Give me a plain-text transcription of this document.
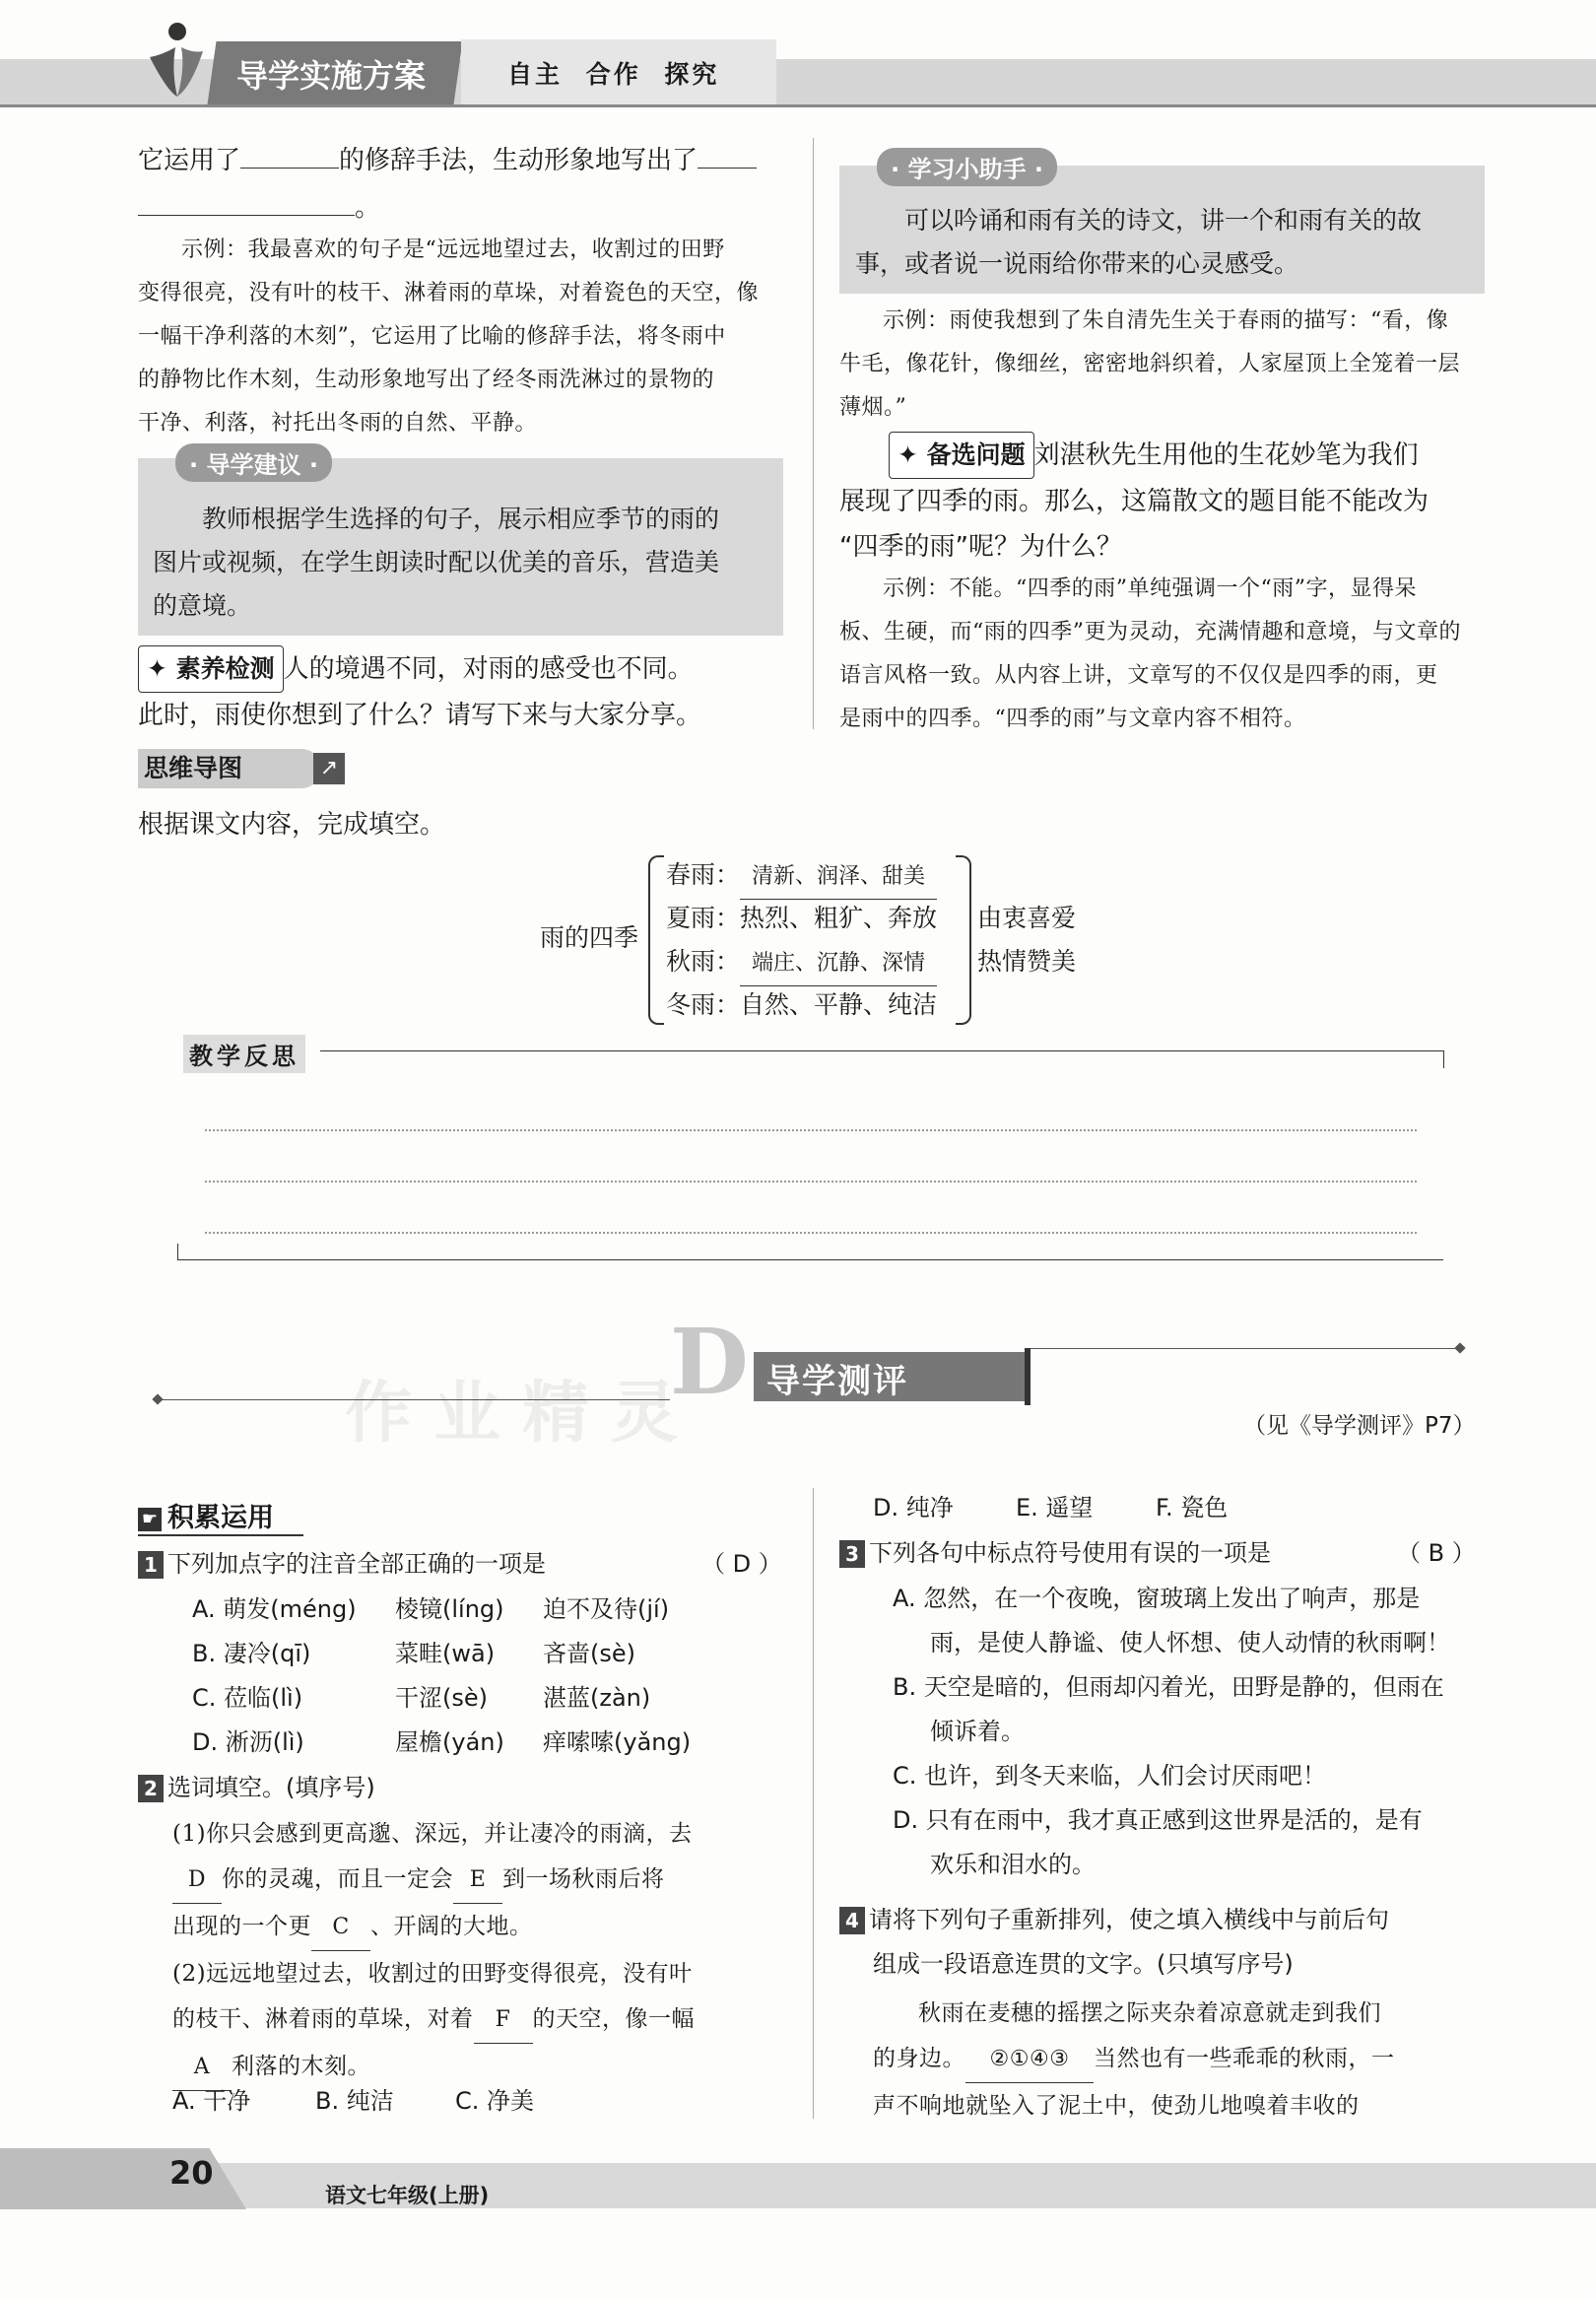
导学实施方案	自主 合作 探究
它运用了	的修辞手法，生动形象地写出了
。

示例：我最喜欢的句子是“远远地望过去，收割过的田野

变得很亮，没有叶的枝干、淋着雨的草垛，对着瓷色的天空，像

一幅干净利落的木刻”，它运用了比喻的修辞手法，将冬雨中

的静物比作木刻，生动形象地写出了经冬雨洗淋过的景物的

干净、利落，衬托出冬雨的自然、平静。

· 导学建议 ·

教师根据学生选择的句子，展示相应季节的雨的

图片或视频，在学生朗读时配以优美的音乐，营造美

的意境。

✦ 素养检测 人的境遇不同，对雨的感受也不同。

此时，雨使你想到了什么？请写下来与大家分享。

· 学习小助手 ·

可以吟诵和雨有关的诗文，讲一个和雨有关的故

事，或者说一说雨给你带来的心灵感受。

示例：雨使我想到了朱自清先生关于春雨的描写：“看，像

牛毛，像花针，像细丝，密密地斜织着，人家屋顶上全笼着一层

薄烟。”

✦ 备选问题 刘湛秋先生用他的生花妙笔为我们

展现了四季的雨。那么，这篇散文的题目能不能改为

“四季的雨”呢？为什么？

示例：不能。“四季的雨”单纯强调一个“雨”字，显得呆

板、生硬，而“雨的四季”更为灵动，充满情趣和意境，与文章的

语言风格一致。从内容上讲，文章写的不仅仅是四季的雨，更

是雨中的四季。“四季的雨”与文章内容不相符。

思维导图	↗
根据课文内容，完成填空。
雨的四季
春雨： 清新、润泽、甜美
夏雨：热烈、粗犷、奔放
秋雨： 端庄、沉静、深情
冬雨：自然、平静、纯洁
由衷喜爱
热情赞美
教学反思
D 导学测评
（见《导学测评》P7）
作业精灵
☛ 积累运用
1 下列加点字的注音全部正确的一项是	（ D ）
A. 萌发(méng) 棱镜(líng) 迫不及待(jí)
B. 凄冷(qī)	菜畦(wā) 吝啬(sè)
C. 莅临(lì)	干涩(sè) 湛蓝(zàn)
D. 淅沥(lì)	屋檐(yán) 痒嗦嗦(yǎng)
2 选词填空。(填序号)

(1)你只会感到更高邈、深远，并让凄冷的雨滴，去

D 你的灵魂，而且一定会 E 到一场秋雨后将

出现的一个更 C 、开阔的大地。

(2)远远地望过去，收割过的田野变得很亮，没有叶

的枝干、淋着雨的草垛，对着 F 的天空，像一幅

A 利落的木刻。

A. 干净	B. 纯洁	C. 净美
D. 纯净	E. 遥望	F. 瓷色
3 下列各句中标点符号使用有误的一项是	（ B ）

A. 忽然，在一个夜晚，窗玻璃上发出了响声，那是

雨，是使人静谧、使人怀想、使人动情的秋雨啊！

B. 天空是暗的，但雨却闪着光，田野是静的，但雨在

倾诉着。

C. 也许，到冬天来临，人们会讨厌雨吧！

D. 只有在雨中，我才真正感到这世界是活的，是有

欢乐和泪水的。

4 请将下列句子重新排列，使之填入横线中与前后句

组成一段语意连贯的文字。(只填写序号)

秋雨在麦穗的摇摆之际夹杂着凉意就走到我们

的身边。 ②①④③ 当然也有一些乖乖的秋雨，一

声不响地就坠入了泥土中，使劲儿地嗅着丰收的

20
语文七年级(上册)
